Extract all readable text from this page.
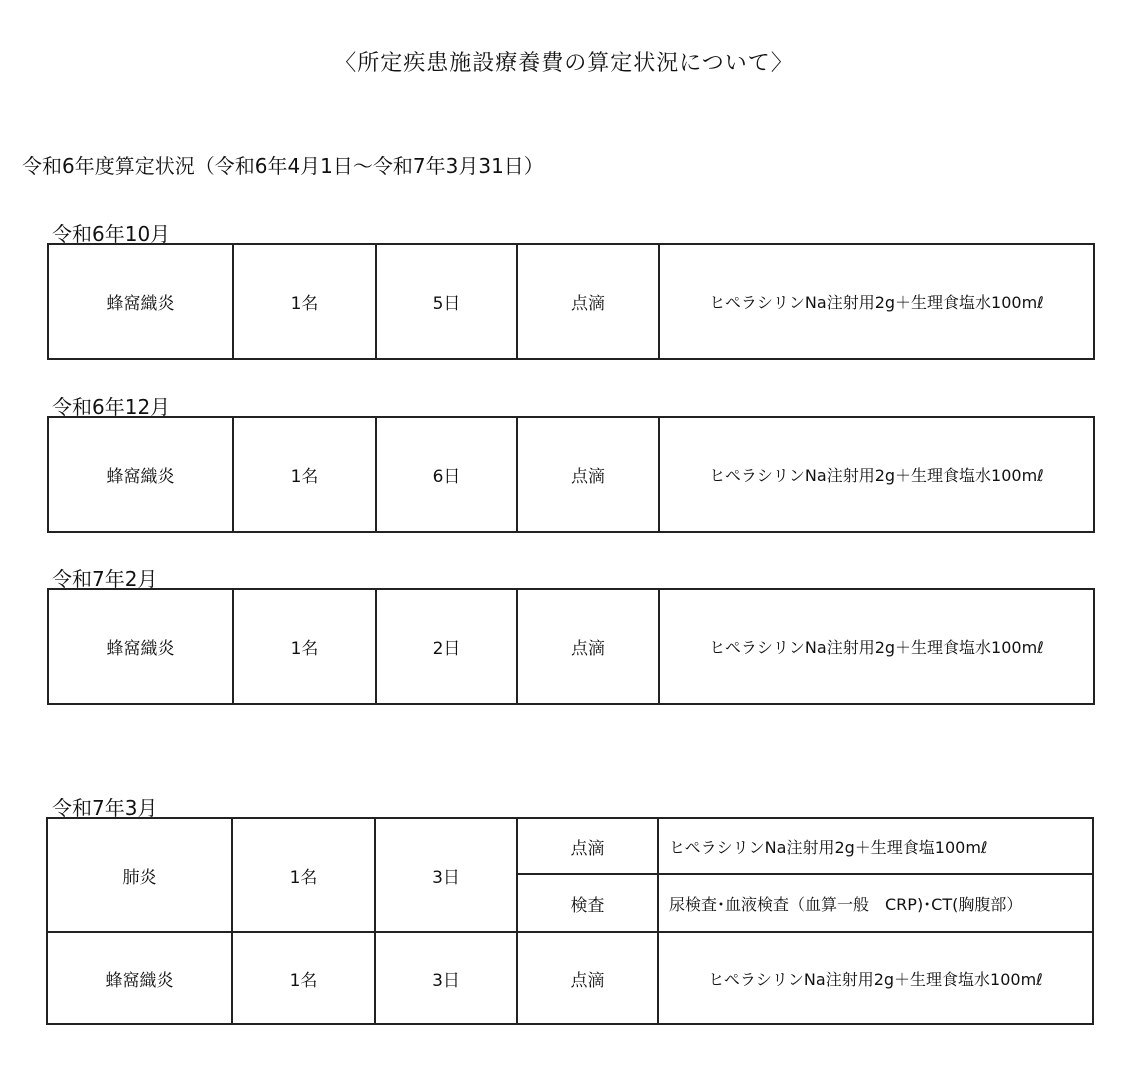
〈所定疾患施設療養費の算定状況について〉
令和6年度算定状況（令和6年4月1日～令和7年3月31日）
令和6年10月
蜂窩織炎	1名	5日	点滴	ヒペラシリンNa注射用2g＋生理食塩水100mℓ
令和6年12月
蜂窩織炎	1名	6日	点滴	ヒペラシリンNa注射用2g＋生理食塩水100mℓ
令和7年2月
蜂窩織炎	1名	2日	点滴	ヒペラシリンNa注射用2g＋生理食塩水100mℓ
令和7年3月
肺炎	1名	3日	点滴	ヒペラシリンNa注射用2g＋生理食塩100mℓ
			検査	尿検査･血液検査（血算一般　CRP)･CT(胸腹部）
蜂窩織炎	1名	3日	点滴	ヒペラシリンNa注射用2g＋生理食塩水100mℓ
